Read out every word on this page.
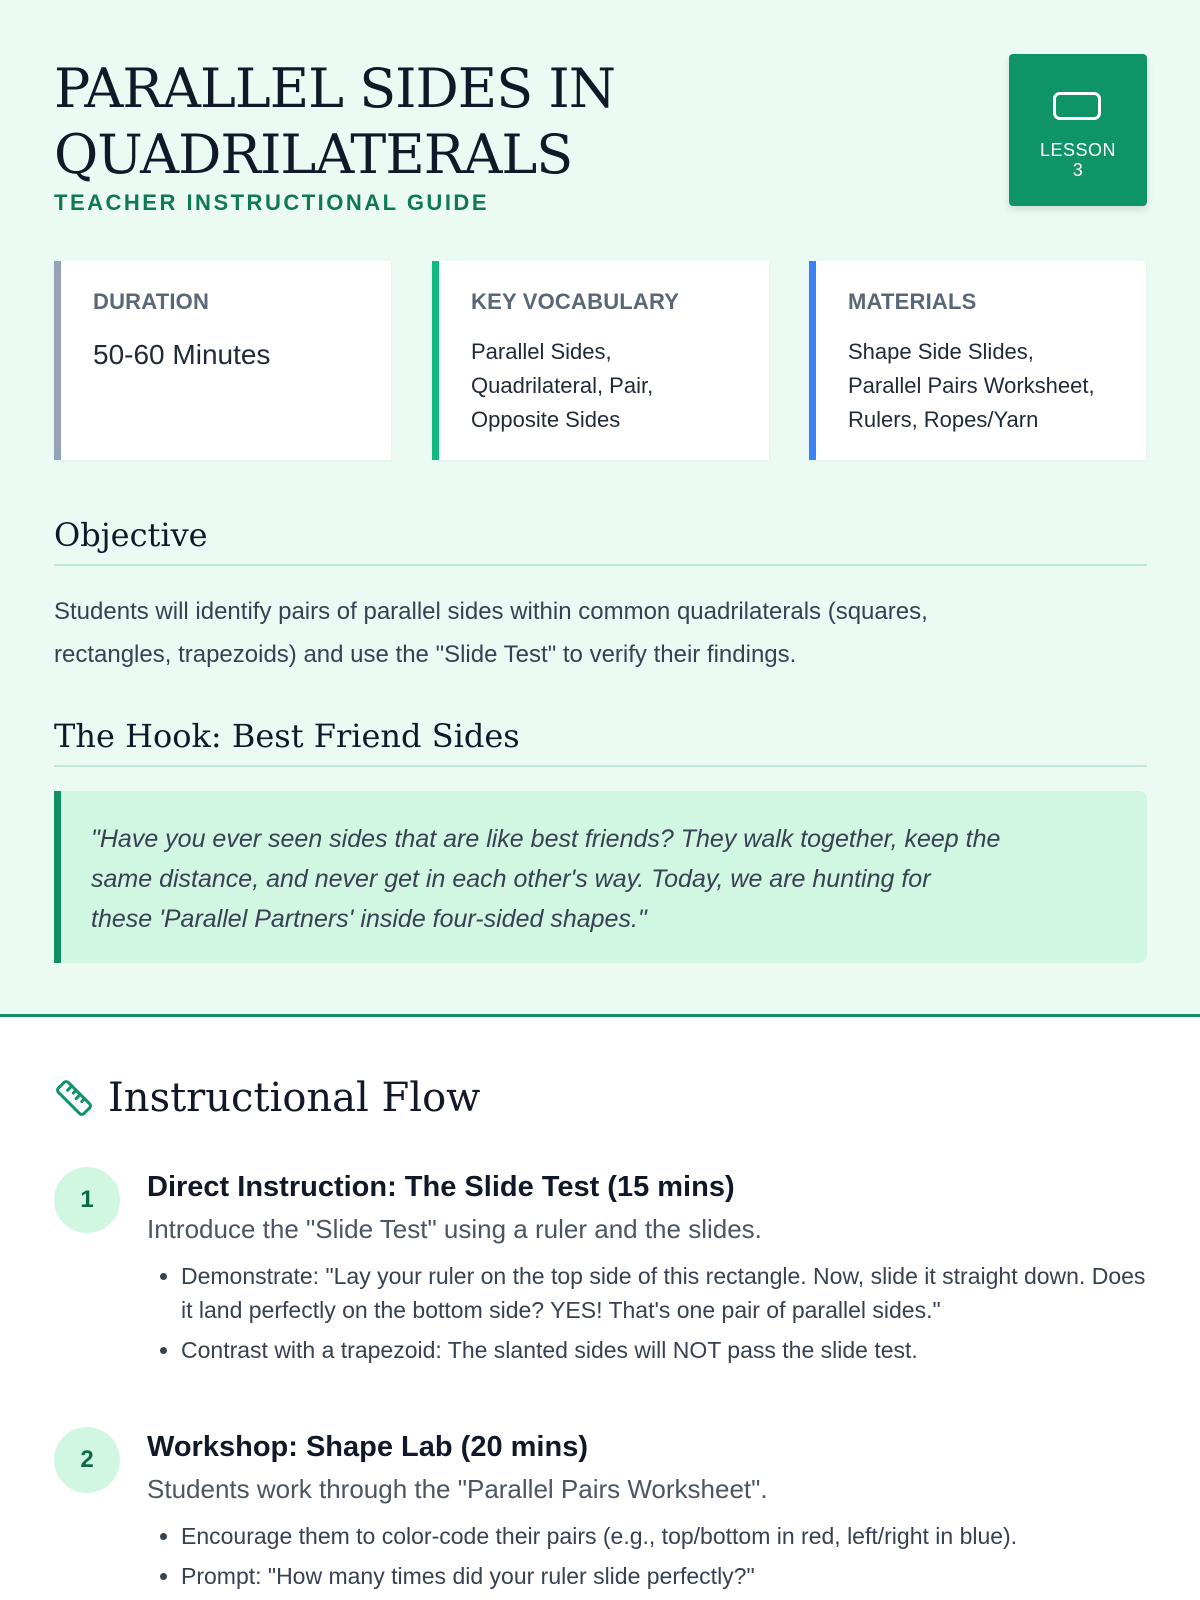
PARALLEL SIDES IN
QUADRILATERALS
TEACHER INSTRUCTIONAL GUIDE
LESSON
3
DURATION
50-60 Minutes
KEY VOCABULARY
Parallel Sides,
Quadrilateral, Pair,
Opposite Sides
MATERIALS
Shape Side Slides,
Parallel Pairs Worksheet,
Rulers, Ropes/Yarn
Objective

Students will identify pairs of parallel sides within common quadrilaterals (squares,
rectangles, trapezoids) and use the "Slide Test" to verify their findings.

The Hook: Best Friend Sides
"Have you ever seen sides that are like best friends? They walk together, keep the
same distance, and never get in each other's way. Today, we are hunting for
these 'Parallel Partners' inside four-sided shapes."
Instructional Flow
1	Direct Instruction: The Slide Test (15 mins)

Introduce the "Slide Test" using a ruler and the slides.

• Demonstrate: "Lay your ruler on the top side of this rectangle. Now, slide it straight down. Does it land perfectly on the bottom side? YES! That's one pair of parallel sides."
• Contrast with a trapezoid: The slanted sides will NOT pass the slide test.
2	Workshop: Shape Lab (20 mins)

Students work through the "Parallel Pairs Worksheet".

• Encourage them to color-code their pairs (e.g., top/bottom in red, left/right in blue).
• Prompt: "How many times did your ruler slide perfectly?"
